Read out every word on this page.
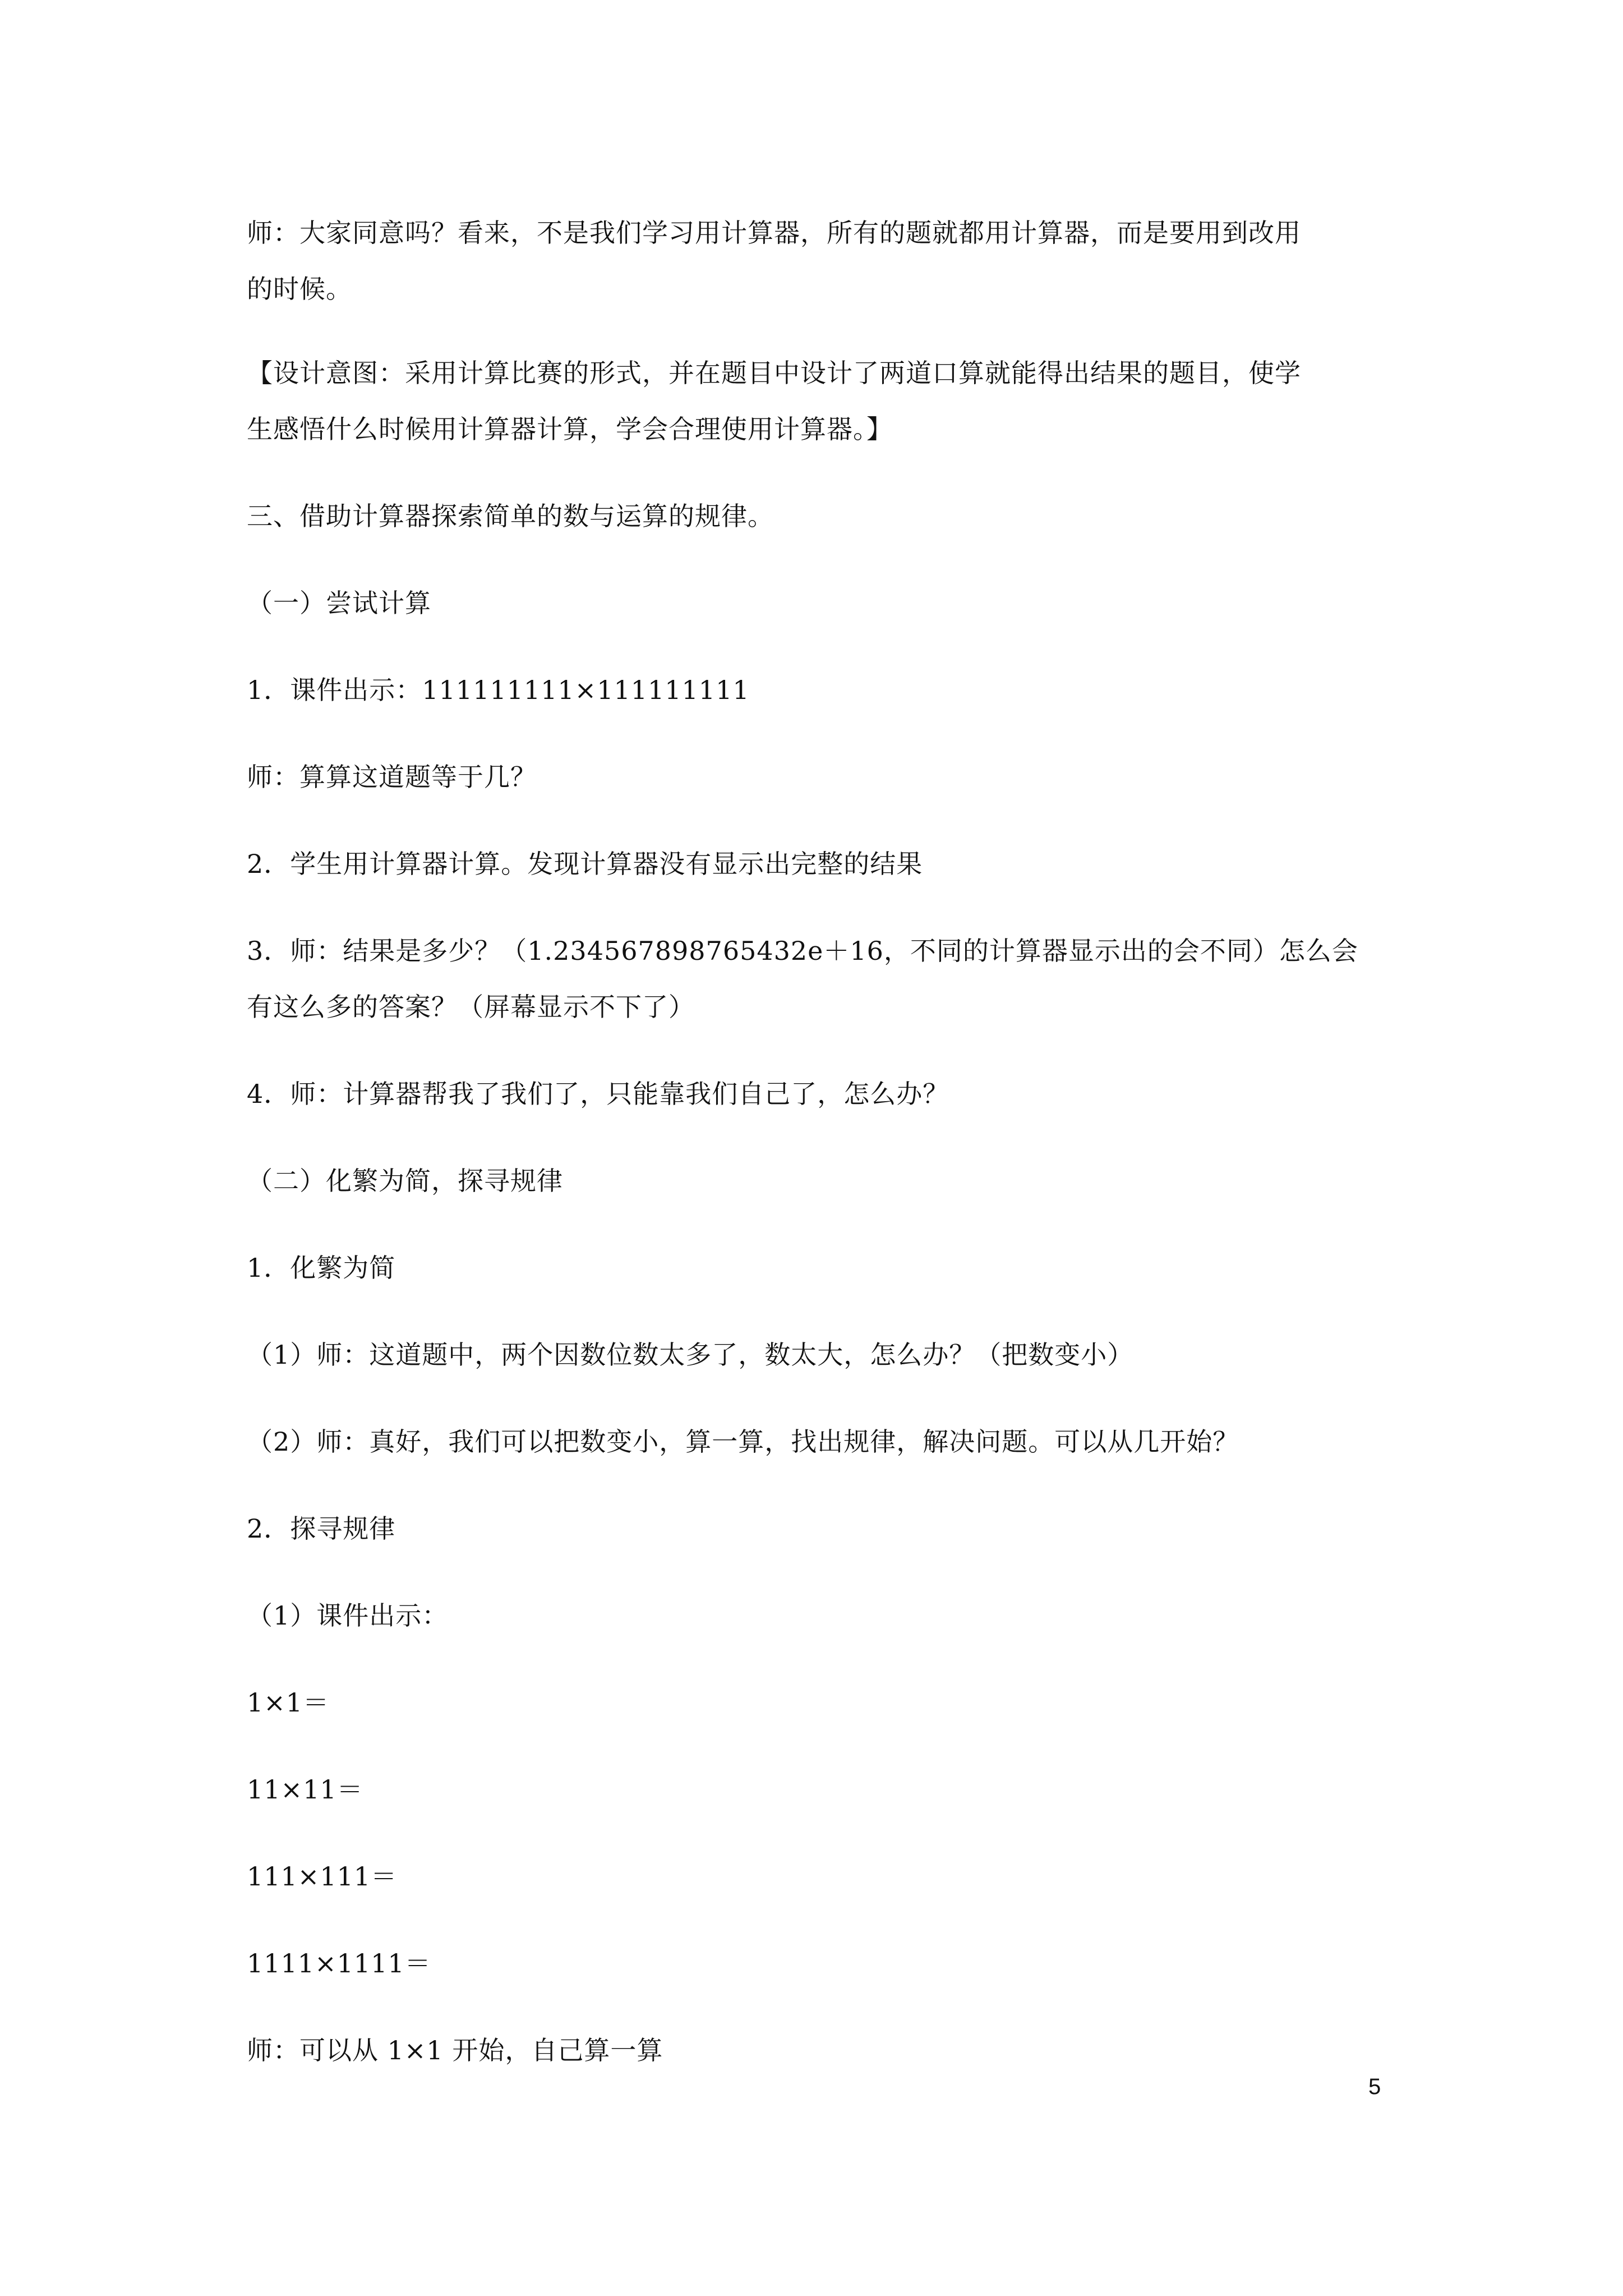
师：大家同意吗？看来，不是我们学习用计算器，所有的题就都用计算器，而是要用到改用
的时候。
【设计意图：采用计算比赛的形式，并在题目中设计了两道口算就能得出结果的题目，使学
生感悟什么时候用计算器计算，学会合理使用计算器。】
三、借助计算器探索简单的数与运算的规律。
（一）尝试计算
1．课件出示：111111111×111111111
师：算算这道题等于几？
2．学生用计算器计算。发现计算器没有显示出完整的结果
3．师：结果是多少？（1.234567898765432e＋16，不同的计算器显示出的会不同）怎么会
有这么多的答案？（屏幕显示不下了）
4．师：计算器帮我了我们了，只能靠我们自己了，怎么办？
（二）化繁为简，探寻规律
1．化繁为简
（1）师：这道题中，两个因数位数太多了，数太大，怎么办？（把数变小）
（2）师：真好，我们可以把数变小，算一算，找出规律，解决问题。可以从几开始？
2．探寻规律
（1）课件出示：
1×1＝
11×11＝
111×111＝
1111×1111＝
师：可以从 1×1 开始，自己算一算
5
